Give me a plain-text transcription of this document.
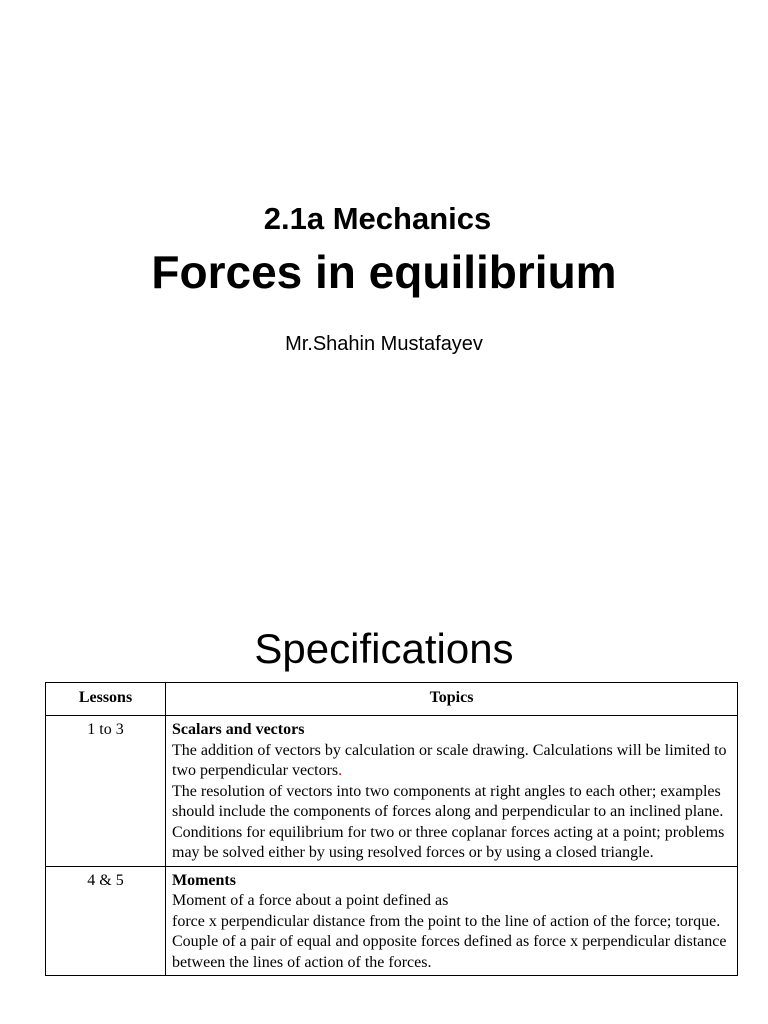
2.1a Mechanics
Forces in equilibrium
Mr.Shahin Mustafayev
Specifications
Lessons	Topics
1 to 3	Scalars and vectors
The addition of vectors by calculation or scale drawing. Calculations will be limited to two perpendicular vectors.
The resolution of vectors into two components at right angles to each other; examples should include the components of forces along and perpendicular to an inclined plane.
Conditions for equilibrium for two or three coplanar forces acting at a point; problems may be solved either by using resolved forces or by using a closed triangle.

4 & 5	Moments
Moment of a force about a point defined as
force x perpendicular distance from the point to the line of action of the force; torque.
Couple of a pair of equal and opposite forces defined as force x perpendicular distance between the lines of action of the forces.
